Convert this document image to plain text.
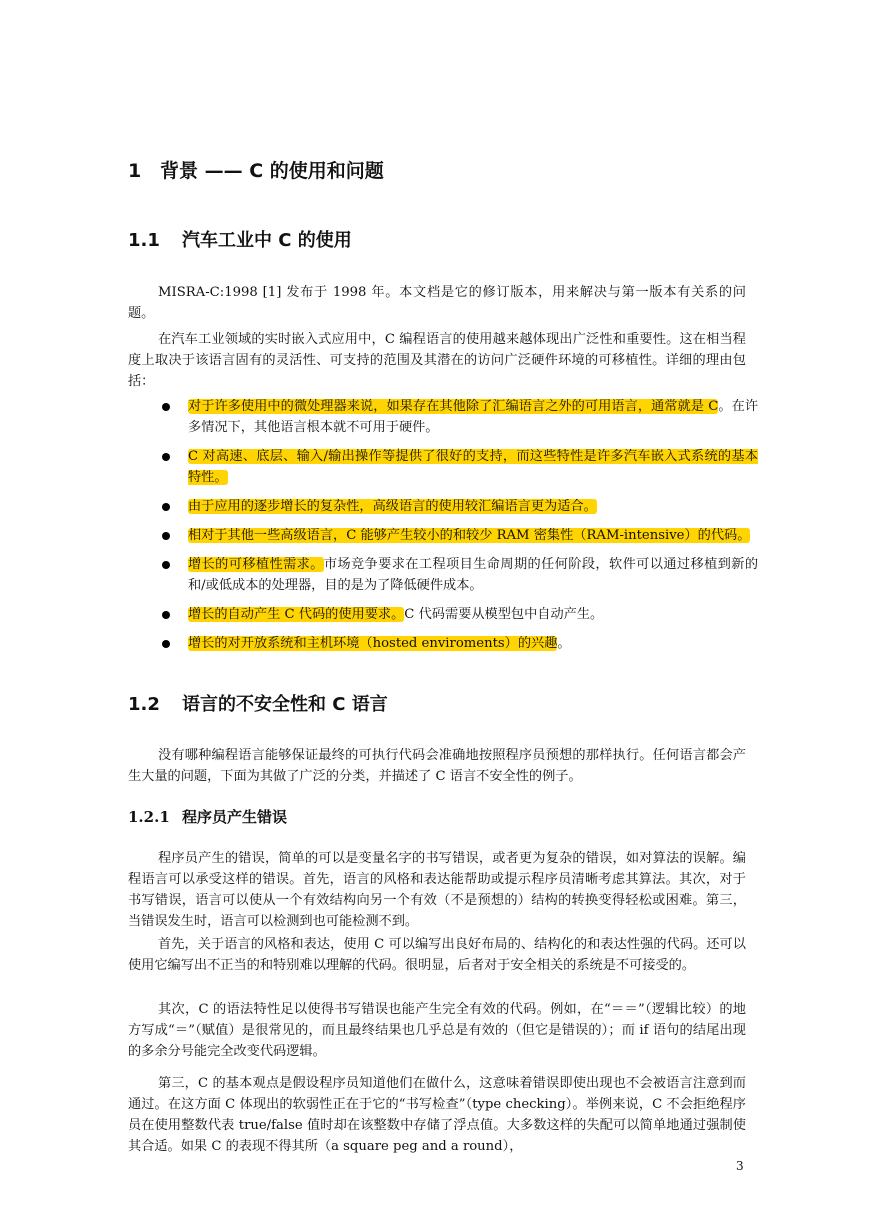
1 背景 —— C 的使用和问题
1.1 汽车工业中 C 的使用

MISRA-C:1998 [1] 发布于 1998 年。本文档是它的修订版本，用来解决与第一版本有关系的问题。

在汽车工业领域的实时嵌入式应用中，C 编程语言的使用越来越体现出广泛性和重要性。这在相当程度上取决于该语言固有的灵活性、可支持的范围及其潜在的访问广泛硬件环境的可移植性。详细的理由包括：

对于许多使用中的微处理器来说，如果存在其他除了汇编语言之外的可用语言，通常就是 C。在许多情况下，其他语言根本就不可用于硬件。
C 对高速、底层、输入/输出操作等提供了很好的支持，而这些特性是许多汽车嵌入式系统的基本特性。
由于应用的逐步增长的复杂性，高级语言的使用较汇编语言更为适合。
相对于其他一些高级语言，C 能够产生较小的和较少 RAM 密集性（RAM-intensive）的代码。
增长的可移植性需求。市场竞争要求在工程项目生命周期的任何阶段，软件可以通过移植到新的和/或低成本的处理器，目的是为了降低硬件成本。
增长的自动产生 C 代码的使用要求。C 代码需要从模型包中自动产生。
增长的对开放系统和主机环境（hosted enviroments）的兴趣。
1.2 语言的不安全性和 C 语言

没有哪种编程语言能够保证最终的可执行代码会准确地按照程序员预想的那样执行。任何语言都会产生大量的问题，下面为其做了广泛的分类，并描述了 C 语言不安全性的例子。

1.2.1 程序员产生错误

程序员产生的错误，简单的可以是变量名字的书写错误，或者更为复杂的错误，如对算法的误解。编程语言可以承受这样的错误。首先，语言的风格和表达能帮助或提示程序员清晰考虑其算法。其次，对于书写错误，语言可以使从一个有效结构向另一个有效（不是预想的）结构的转换变得轻松或困难。第三，当错误发生时，语言可以检测到也可能检测不到。

首先，关于语言的风格和表达，使用 C 可以编写出良好布局的、结构化的和表达性强的代码。还可以使用它编写出不正当的和特别难以理解的代码。很明显，后者对于安全相关的系统是不可接受的。

其次，C 的语法特性足以使得书写错误也能产生完全有效的代码。例如，在“＝＝”（逻辑比较）的地方写成“＝”（赋值）是很常见的，而且最终结果也几乎总是有效的（但它是错误的）；而 if 语句的结尾出现的多余分号能完全改变代码逻辑。

第三，C 的基本观点是假设程序员知道他们在做什么，这意味着错误即使出现也不会被语言注意到而通过。在这方面 C 体现出的软弱性正在于它的“书写检查”（type checking）。举例来说，C 不会拒绝程序员在使用整数代表 true/false 值时却在该整数中存储了浮点值。大多数这样的失配可以简单地通过强制使其合适。如果 C 的表现不得其所（a square peg and a round），

3
